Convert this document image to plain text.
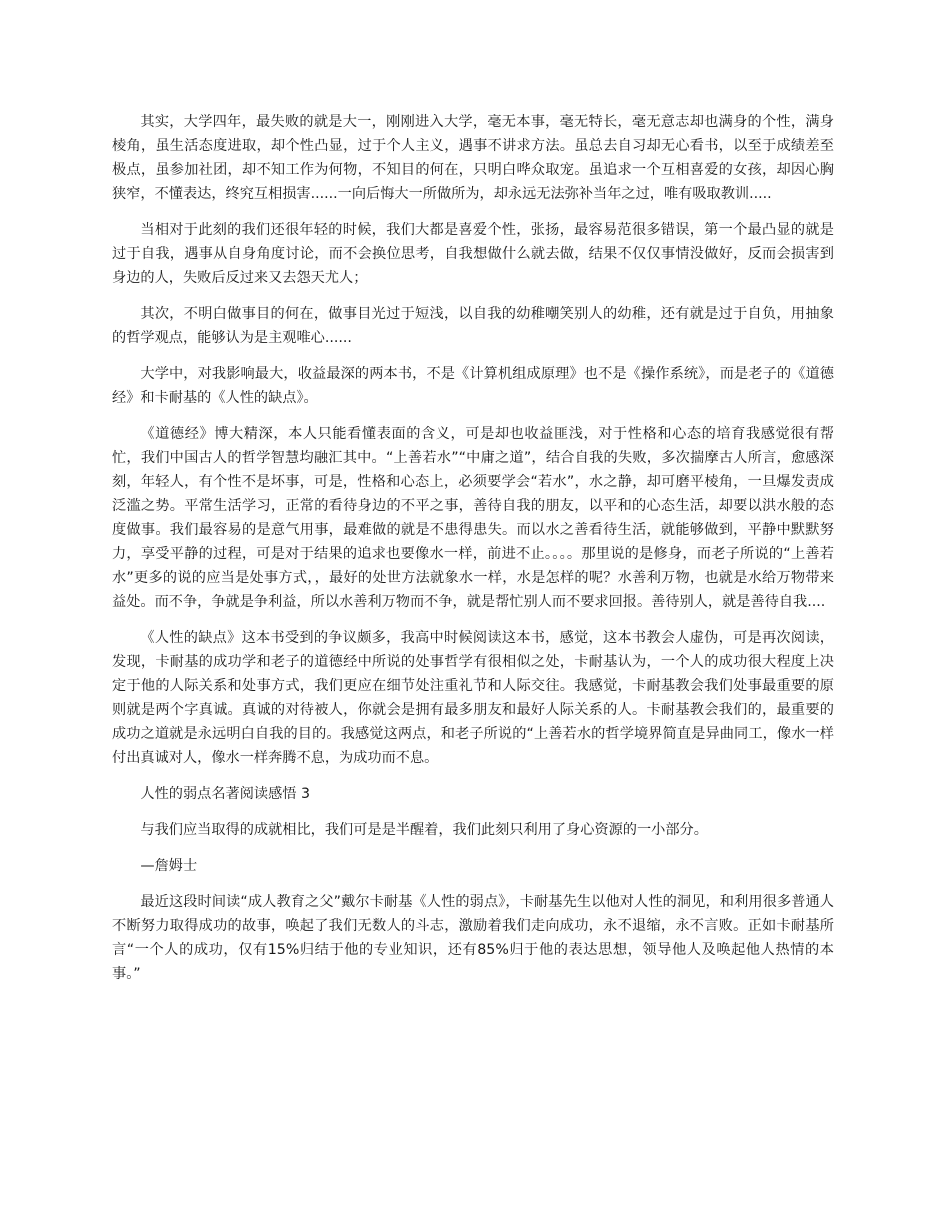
其实，大学四年，最失败的就是大一，刚刚进入大学，毫无本事，毫无特长，毫无意志却也满身的个性，满身棱角，虽生活态度进取，却个性凸显，过于个人主义，遇事不讲求方法。虽总去自习却无心看书，以至于成绩差至极点，虽参加社团，却不知工作为何物，不知目的何在，只明白哗众取宠。虽追求一个互相喜爱的女孩，却因心胸狭窄，不懂表达，终究互相损害......一向后悔大一所做所为，却永远无法弥补当年之过，唯有吸取教训.....

当相对于此刻的我们还很年轻的时候，我们大都是喜爱个性，张扬，最容易范很多错误，第一个最凸显的就是过于自我，遇事从自身角度讨论，而不会换位思考，自我想做什么就去做，结果不仅仅事情没做好，反而会损害到身边的人，失败后反过来又去怨天尤人；

其次，不明白做事目的何在，做事目光过于短浅，以自我的幼稚嘲笑别人的幼稚，还有就是过于自负，用抽象的哲学观点，能够认为是主观唯心......

大学中，对我影响最大，收益最深的两本书，不是《计算机组成原理》也不是《操作系统》，而是老子的《道德经》和卡耐基的《人性的缺点》。

《道德经》博大精深，本人只能看懂表面的含义，可是却也收益匪浅，对于性格和心态的培育我感觉很有帮忙，我们中国古人的哲学智慧均融汇其中。“上善若水”“中庸之道”，结合自我的失败，多次揣摩古人所言，愈感深刻，年轻人，有个性不是坏事，可是，性格和心态上，必须要学会“若水”，水之静，却可磨平棱角，一旦爆发责成泛滥之势。平常生活学习，正常的看待身边的不平之事，善待自我的朋友，以平和的心态生活，却要以洪水般的态度做事。我们最容易的是意气用事，最难做的就是不患得患失。而以水之善看待生活，就能够做到，平静中默默努力，享受平静的过程，可是对于结果的追求也要像水一样，前进不止。。。。那里说的是修身，而老子所说的“上善若水”更多的说的应当是处事方式，，最好的处世方法就象水一样，水是怎样的呢？水善利万物，也就是水给万物带来益处。而不争，争就是争利益，所以水善利万物而不争，就是帮忙别人而不要求回报。善待别人，就是善待自我....

《人性的缺点》这本书受到的争议颇多，我高中时候阅读这本书，感觉，这本书教会人虚伪，可是再次阅读，发现，卡耐基的成功学和老子的道德经中所说的处事哲学有很相似之处，卡耐基认为，一个人的成功很大程度上决定于他的人际关系和处事方式，我们更应在细节处注重礼节和人际交往。我感觉，卡耐基教会我们处事最重要的原则就是两个字真诚。真诚的对待被人，你就会是拥有最多朋友和最好人际关系的人。卡耐基教会我们的，最重要的成功之道就是永远明白自我的目的。我感觉这两点，和老子所说的“上善若水的哲学境界简直是异曲同工，像水一样付出真诚对人，像水一样奔腾不息，为成功而不息。

人性的弱点名著阅读感悟 3

与我们应当取得的成就相比，我们可是是半醒着，我们此刻只利用了身心资源的一小部分。

—詹姆士

最近这段时间读“成人教育之父”戴尔卡耐基《人性的弱点》，卡耐基先生以他对人性的洞见，和利用很多普通人不断努力取得成功的故事，唤起了我们无数人的斗志，激励着我们走向成功，永不退缩，永不言败。正如卡耐基所言“一个人的成功，仅有15%归结于他的专业知识，还有85%归于他的表达思想，领导他人及唤起他人热情的本事。”
